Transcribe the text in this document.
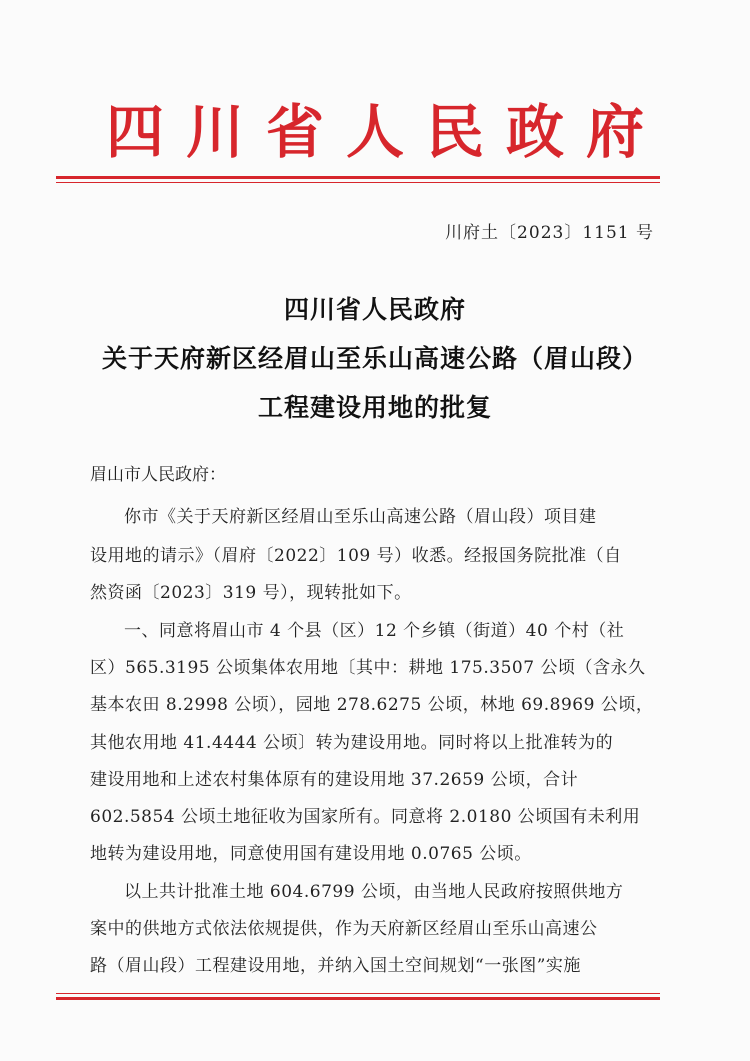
四川省人民政府
川府土〔2023〕1151 号
四川省人民政府
关于天府新区经眉山至乐山高速公路（眉山段）
工程建设用地的批复
眉山市人民政府：
你市《关于天府新区经眉山至乐山高速公路（眉山段）项目建
设用地的请示》（眉府〔2022〕109 号）收悉。经报国务院批准（自
然资函〔2023〕319 号），现转批如下。
一、同意将眉山市 4 个县（区）12 个乡镇（街道）40 个村（社
区）565.3195 公顷集体农用地〔其中：耕地 175.3507 公顷（含永久
基本农田 8.2998 公顷），园地 278.6275 公顷，林地 69.8969 公顷，
其他农用地 41.4444 公顷〕转为建设用地。同时将以上批准转为的
建设用地和上述农村集体原有的建设用地 37.2659 公顷，合计
602.5854 公顷土地征收为国家所有。同意将 2.0180 公顷国有未利用
地转为建设用地，同意使用国有建设用地 0.0765 公顷。
以上共计批准土地 604.6799 公顷，由当地人民政府按照供地方
案中的供地方式依法依规提供，作为天府新区经眉山至乐山高速公
路（眉山段）工程建设用地，并纳入国土空间规划“一张图”实施
